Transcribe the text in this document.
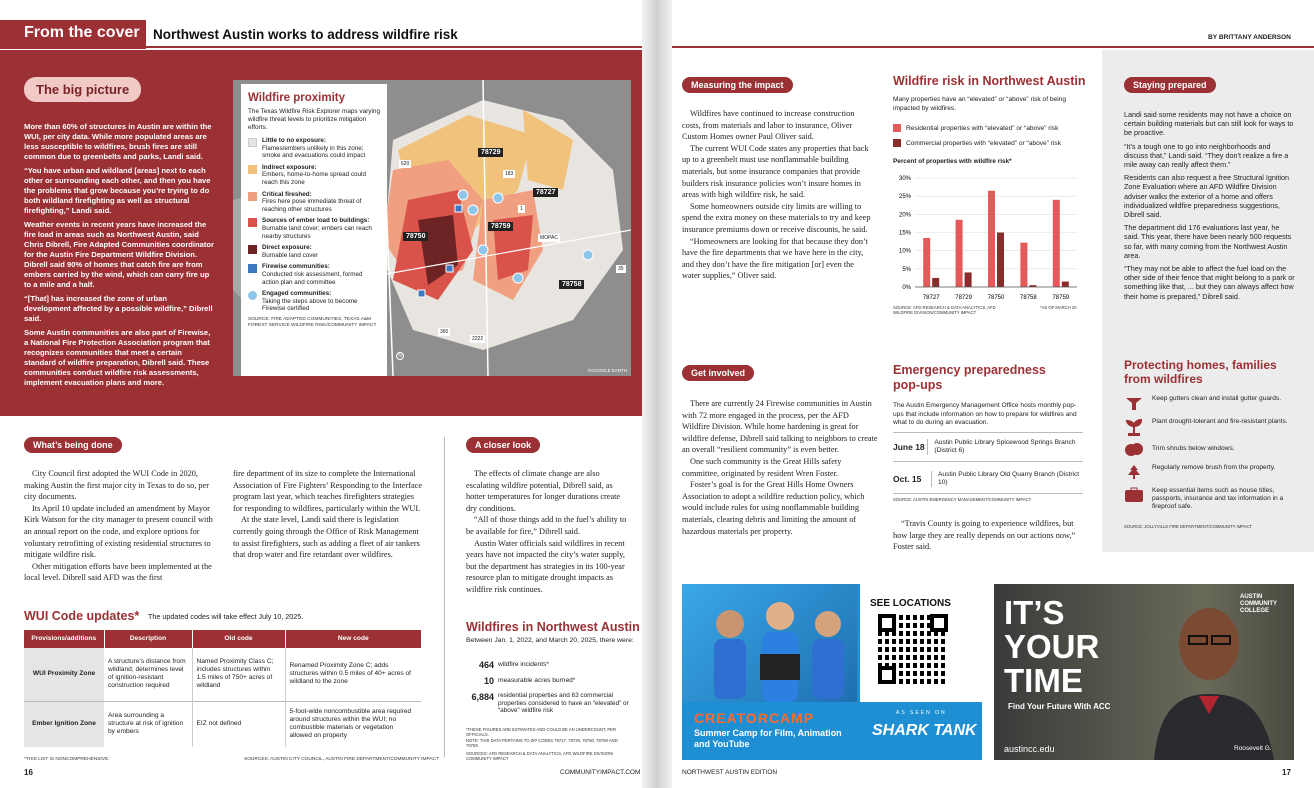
From the cover Northwest Austin works to address wildfire risk
The big picture

More than 60% of structures in Austin are within the WUI, per city data. While more populated areas are less susceptible to wildfires, brush fires are still common due to greenbelts and parks, Landi said.

“You have urban and wildland [areas] next to each other or surrounding each other, and then you have the problems that grow because you’re trying to do both wildland firefighting as well as structural firefighting,” Landi said.

Weather events in recent years have increased the fire load in areas such as Northwest Austin, said Chris Dibrell, Fire Adapted Communities coordinator for the Austin Fire Department Wildfire Division. Dibrell said 90% of homes that catch fire are from embers carried by the wind, which can carry fire up to a mile and a half.

“[That] has increased the zone of urban development affected by a possible wildfire,” Dibrell said.

Some Austin communities are also part of Firewise, a National Fire Protection Association program that recognizes communities that meet a certain standard of wildfire preparation, Dibrell said. These communities conduct wildfire risk assessments, implement evacuation plans and more.

78729
78727
78759
78750
78758
620
183
1
MOPAC
35
360
2222
©GOOGLE EARTH
N
Wildfire proximity
The Texas Wildfire Risk Explorer maps varying wildfire threat levels to prioritize mitigation efforts.
Little to no exposure:
Flames/embers unlikely in this zone; smoke and evacuations could impact
Indirect exposure:
Embers, home-to-home spread could reach this zone
Critical fireshed:
Fires here pose immediate threat of reaching other structures
Sources of ember load to buildings:
Burnable land cover; embers can reach nearby structures
Direct exposure:
Burnable land cover
Firewise communities:
Conducted risk assessment, formed action plan and committee
Engaged communities:
Taking the steps above to become Firewise certified
SOURCE: FIRE ADAPTED COMMUNITIES, TEXAS A&M FOREST SERVICE WILDFIRE RISK/COMMUNITY IMPACT
What’s being done

City Council first adopted the WUI Code in 2020, making Austin the first major city in Texas to do so, per city documents.

Its April 10 update included an amendment by Mayor Kirk Watson for the city manager to present council with an annual report on the code, and explore options for voluntary retrofitting of existing residential structures to mitigate wildfire risk.

Other mitigation efforts have been implemented at the local level. Dibrell said AFD was the first

fire department of its size to complete the International Association of Fire Fighters’ Responding to the Interface program last year, which teaches firefighters strategies for responding to wildfires, particularly within the WUI.

At the state level, Landi said there is legislation currently going through the Office of Risk Management to assist firefighters, such as adding a fleet of air tankers that drop water and fire retardant over wildfires.

WUI Code updates* The updated codes will take effect July 10, 2025.
Provisions/additions	Description	Old code	New code
WUI Proximity Zone	A structure’s distance from wildland; determines level of ignition-resistant construction required	Named Proximity Class C; includes structures within 1.5 miles of 750+ acres of wildland	Renamed Proximity Zone C; adds structures within 0.5 miles of 40+ acres of wildland to the zone
Ember Ignition Zone	Area surrounding a structure at risk of ignition by embers	EIZ not defined	5-foot-wide noncombustible area required around structures within the WUI; no combustible materials or vegetation allowed on property
*THIS LIST IS NONCOMPREHENSIVE.	SOURCES: AUSTIN CITY COUNCIL, AUSTIN FIRE DEPARTMENT/COMMUNITY IMPACT
A closer look

The effects of climate change are also escalating wildfire potential, Dibrell said, as hotter temperatures for longer durations create dry conditions.

“All of those things add to the fuel’s ability to be available for fire,” Dibrell said.

Austin Water officials said wildfires in recent years have not impacted the city’s water supply, but the department has strategies in its 100-year resource plan to mitigate drought impacts as wildfire risk continues.

Wildfires in Northwest Austin
Between Jan. 1, 2022, and March 20, 2025, there were:
464 wildfire incidents*
10 measurable acres burned*
6,884 residential properties and 63 commercial properties considered to have an “elevated” or “above” wildfire risk
*THESE FIGURES ARE ESTIMATES AND COULD BE AN UNDERCOUNT, PER OFFICIALS.
NOTE: THIS DATA PERTAINS TO ZIP CODES 78727, 78729, 78750, 78758 AND 78759.
SOURCES: AFD RESEARCH & DATA ANALYTICS, AFD WILDFIRE DIVISION/ COMMUNITY IMPACT
16	COMMUNITYIMPACT.COM
BY BRITTANY ANDERSON
Measuring the impact

Wildfires have continued to increase construction costs, from materials and labor to insurance, Oliver Custom Homes owner Paul Oliver said.

The current WUI Code states any properties that back up to a greenbelt must use nonflammable building materials, but some insurance companies that provide builders risk insurance policies won’t insure homes in areas with high wildfire risk, he said.

Some homeowners outside city limits are willing to spend the extra money on these materials to try and keep insurance premiums down or receive discounts, he said.

“Homeowners are looking for that because they don’t have the fire departments that we have here in the city, and they don’t have the fire mitigation [or] even the water supplies,” Oliver said.

Wildfire risk in Northwest Austin
Many properties have an “elevated” or “above” risk of being impacted by wildfires.
Residential properties with “elevated” or “above” risk
Commercial properties with “elevated” or “above” risk
Percent of properties with wildfire risk*
0%
5%
10%
15%
20%
25%
30%
78727	78729	78750	78758	78759
SOURCE: AFD RESEARCH & DATA ANALYTICS, AFD WILDFIRE DIVISION/COMMUNITY IMPACT
*AS OF MARCH 20
Staying prepared

Landi said some residents may not have a choice on certain building materials but can still look for ways to be proactive.

“It’s a tough one to go into neighborhoods and discuss that,” Landi said. “They don’t realize a fire a mile away can really affect them.”

Residents can also request a free Structural Ignition Zone Evaluation where an AFD Wildfire Division adviser walks the exterior of a home and offers individualized wildfire preparedness suggestions, Dibrell said.

The department did 176 evaluations last year, he said. This year, there have been nearly 500 requests so far, with many coming from the Northwest Austin area.

“They may not be able to affect the fuel load on the other side of their fence that might belong to a park or something like that, ... but they can always affect how their home is prepared,” Dibrell said.

Protecting homes, families from wildfires
Keep gutters clean and install gutter guards.
Plant drought-tolerant and fire-resistant plants.
Trim shrubs below windows.
Regularly remove brush from the property.
Keep essential items such as house titles, passports, insurance and tax information in a fireproof safe.
SOURCE: JOLLYVILLE FIRE DEPARTMENT/COMMUNITY IMPACT
Get involved

There are currently 24 Firewise communities in Austin with 72 more engaged in the process, per the AFD Wildfire Division. While home hardening is great for wildfire defense, Dibrell said talking to neighbors to create an overall “resilient community” is even better.

One such community is the Great Hills safety committee, originated by resident Wren Foster.

Foster’s goal is for the Great Hills Home Owners Association to adopt a wildfire reduction policy, which would include rules for using nonflammable building materials, clearing debris and limiting the amount of hazardous materials per property.

Emergency preparedness pop-ups
The Austin Emergency Management Office hosts monthly pop-ups that include information on how to prepare for wildfires and what to do during an evacuation.
June 18	Austin Public Library Spicewood Springs Branch (District 6)
Oct. 15	Austin Public Library Old Quarry Branch (District 10)
SOURCE: AUSTIN EMERGENCY MANAGEMENT/COMMUNITY IMPACT
“Travis County is going to experience wildfires, but how large they are really depends on our actions now,” Foster said.
SEE LOCATIONS
CREATORCAMP
Summer Camp for Film, Animation and YouTube
AS SEEN ON
SHARK TANK
IT’S
YOUR
TIME
Find Your Future With ACC
austincc.edu	Roosevelt G.
AUSTIN
COMMUNITY
COLLEGE
NORTHWEST AUSTIN EDITION	17
